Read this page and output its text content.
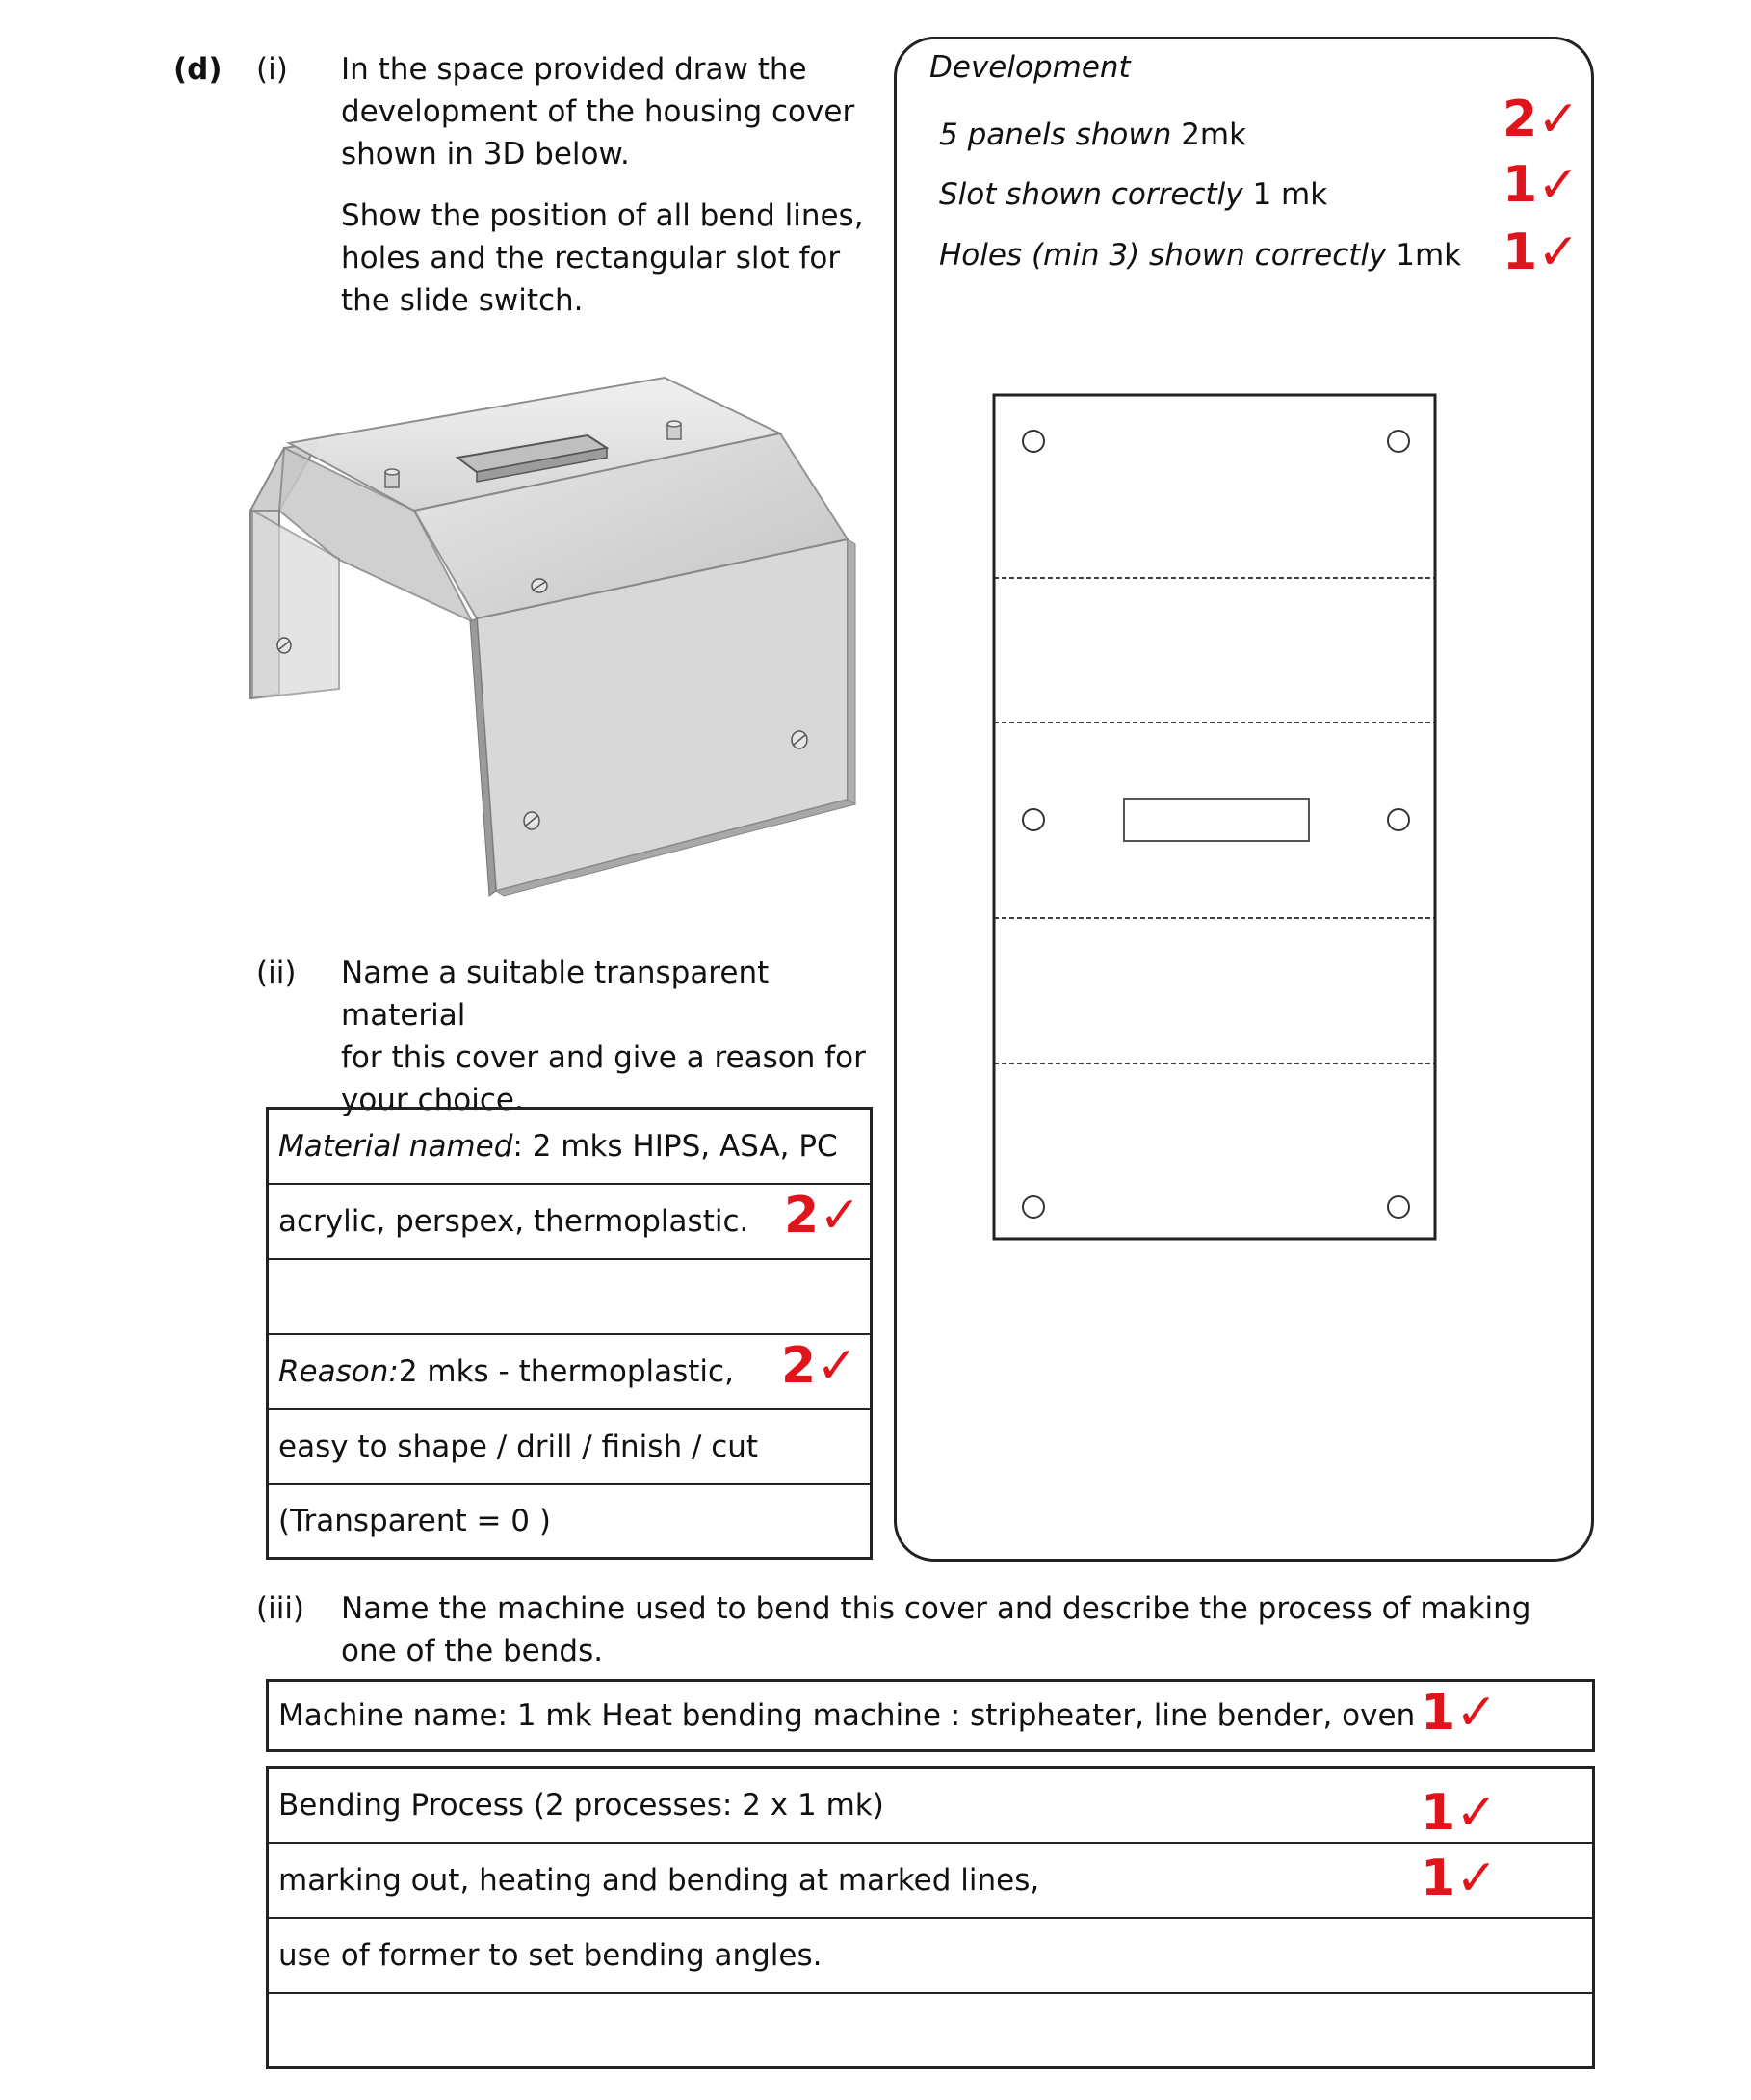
(d) (i) In the space provided draw the
development of the housing cover
shown in 3D below.
Show the position of all bend lines,
holes and the rectangular slot for
the slide switch.
Development
5 panels shown 2mk	2✓
Slot shown correctly 1 mk	1✓
Holes (min 3) shown correctly 1mk 1✓
(ii) Name a suitable transparent material
for this cover and give a reason for
your choice.
Material named : 2 mks HIPS, ASA, PC
acrylic, perspex, thermoplastic. 2✓
Reason: 2 mks - thermoplastic, 2✓
easy to shape / drill / finish / cut
(Transparent = 0 )
(iii) Name the machine used to bend this cover and describe the process of making
one of the bends.
Machine name: 1 mk Heat bending machine : stripheater, line bender, oven 1✓
Bending Process (2 processes: 2 x 1 mk)	1✓
marking out, heating and bending at marked lines,	1✓
use of former to set bending angles.
